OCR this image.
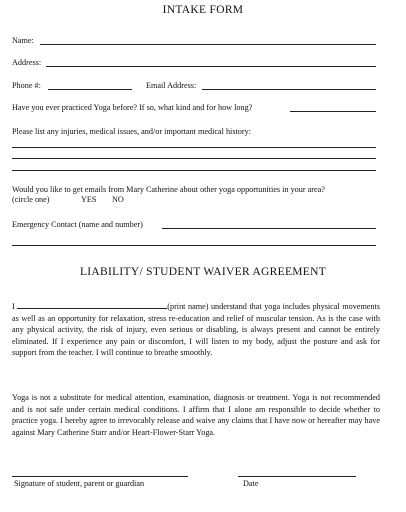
INTAKE FORM
Name:
Address:
Phone #:	Email Address:
Have you ever practiced Yoga before? If so, what kind and for how long?
Please list any injuries, medical issues, and/or important medical history:
Would you like to get emails from Mary Catherine about other yoga opportunities in your area?
(circle one)	YES NO
Emergency Contact (name and number)
LIABILITY/ STUDENT WAIVER AGREEMENT
I	(print name) understand that yoga includes physical movements as well as an opportunity for relaxation, stress re-education and relief of muscular tension. As is the case with any physical activity, the risk of injury, even serious or disabling, is always present and cannot be entirely eliminated. If I experience any pain or discomfort, I will listen to my body, adjust the posture and ask for support from the teacher. I will continue to breathe smoothly.
Yoga is not a substitute for medical attention, examination, diagnosis or treatment. Yoga is not recommended and is not safe under certain medical conditions. I affirm that I alone am responsible to decide whether to practice yoga. I hereby agree to irrevocably release and waive any claims that I have now or hereafter may have against Mary Catherine Starr and/or Heart-Flower-Starr Yoga.
Signature of student, parent or guardian	Date
